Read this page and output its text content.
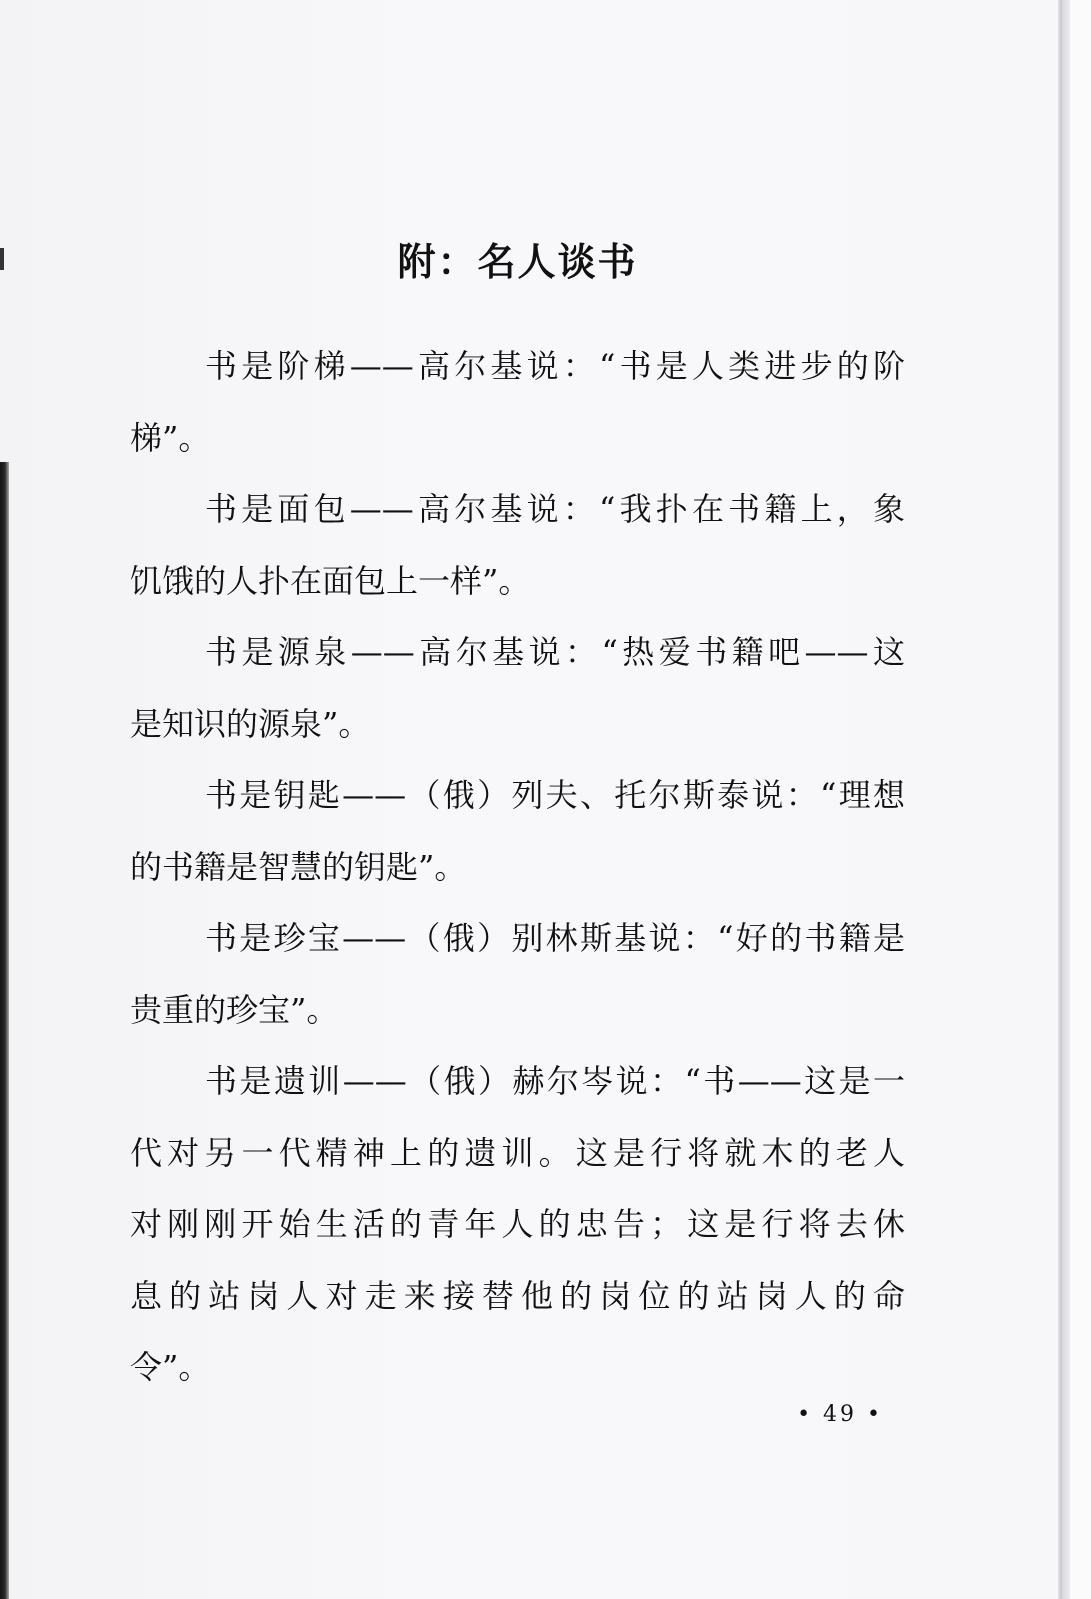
附：名人谈书
书是阶梯——高尔基说：“书是人类进步的阶
梯”。
书是面包——高尔基说：“我扑在书籍上，象
饥饿的人扑在面包上一样”。
书是源泉——高尔基说：“热爱书籍吧——这
是知识的源泉”。
书是钥匙——（俄）列夫、托尔斯泰说：“理想
的书籍是智慧的钥匙”。
书是珍宝——（俄）别林斯基说：“好的书籍是
贵重的珍宝”。
书是遗训——（俄）赫尔岑说：“书——这是一
代对另一代精神上的遗训。这是行将就木的老人
对刚刚开始生活的青年人的忠告；这是行将去休
息的站岗人对走来接替他的岗位的站岗人的命
令”。
• 49 •
